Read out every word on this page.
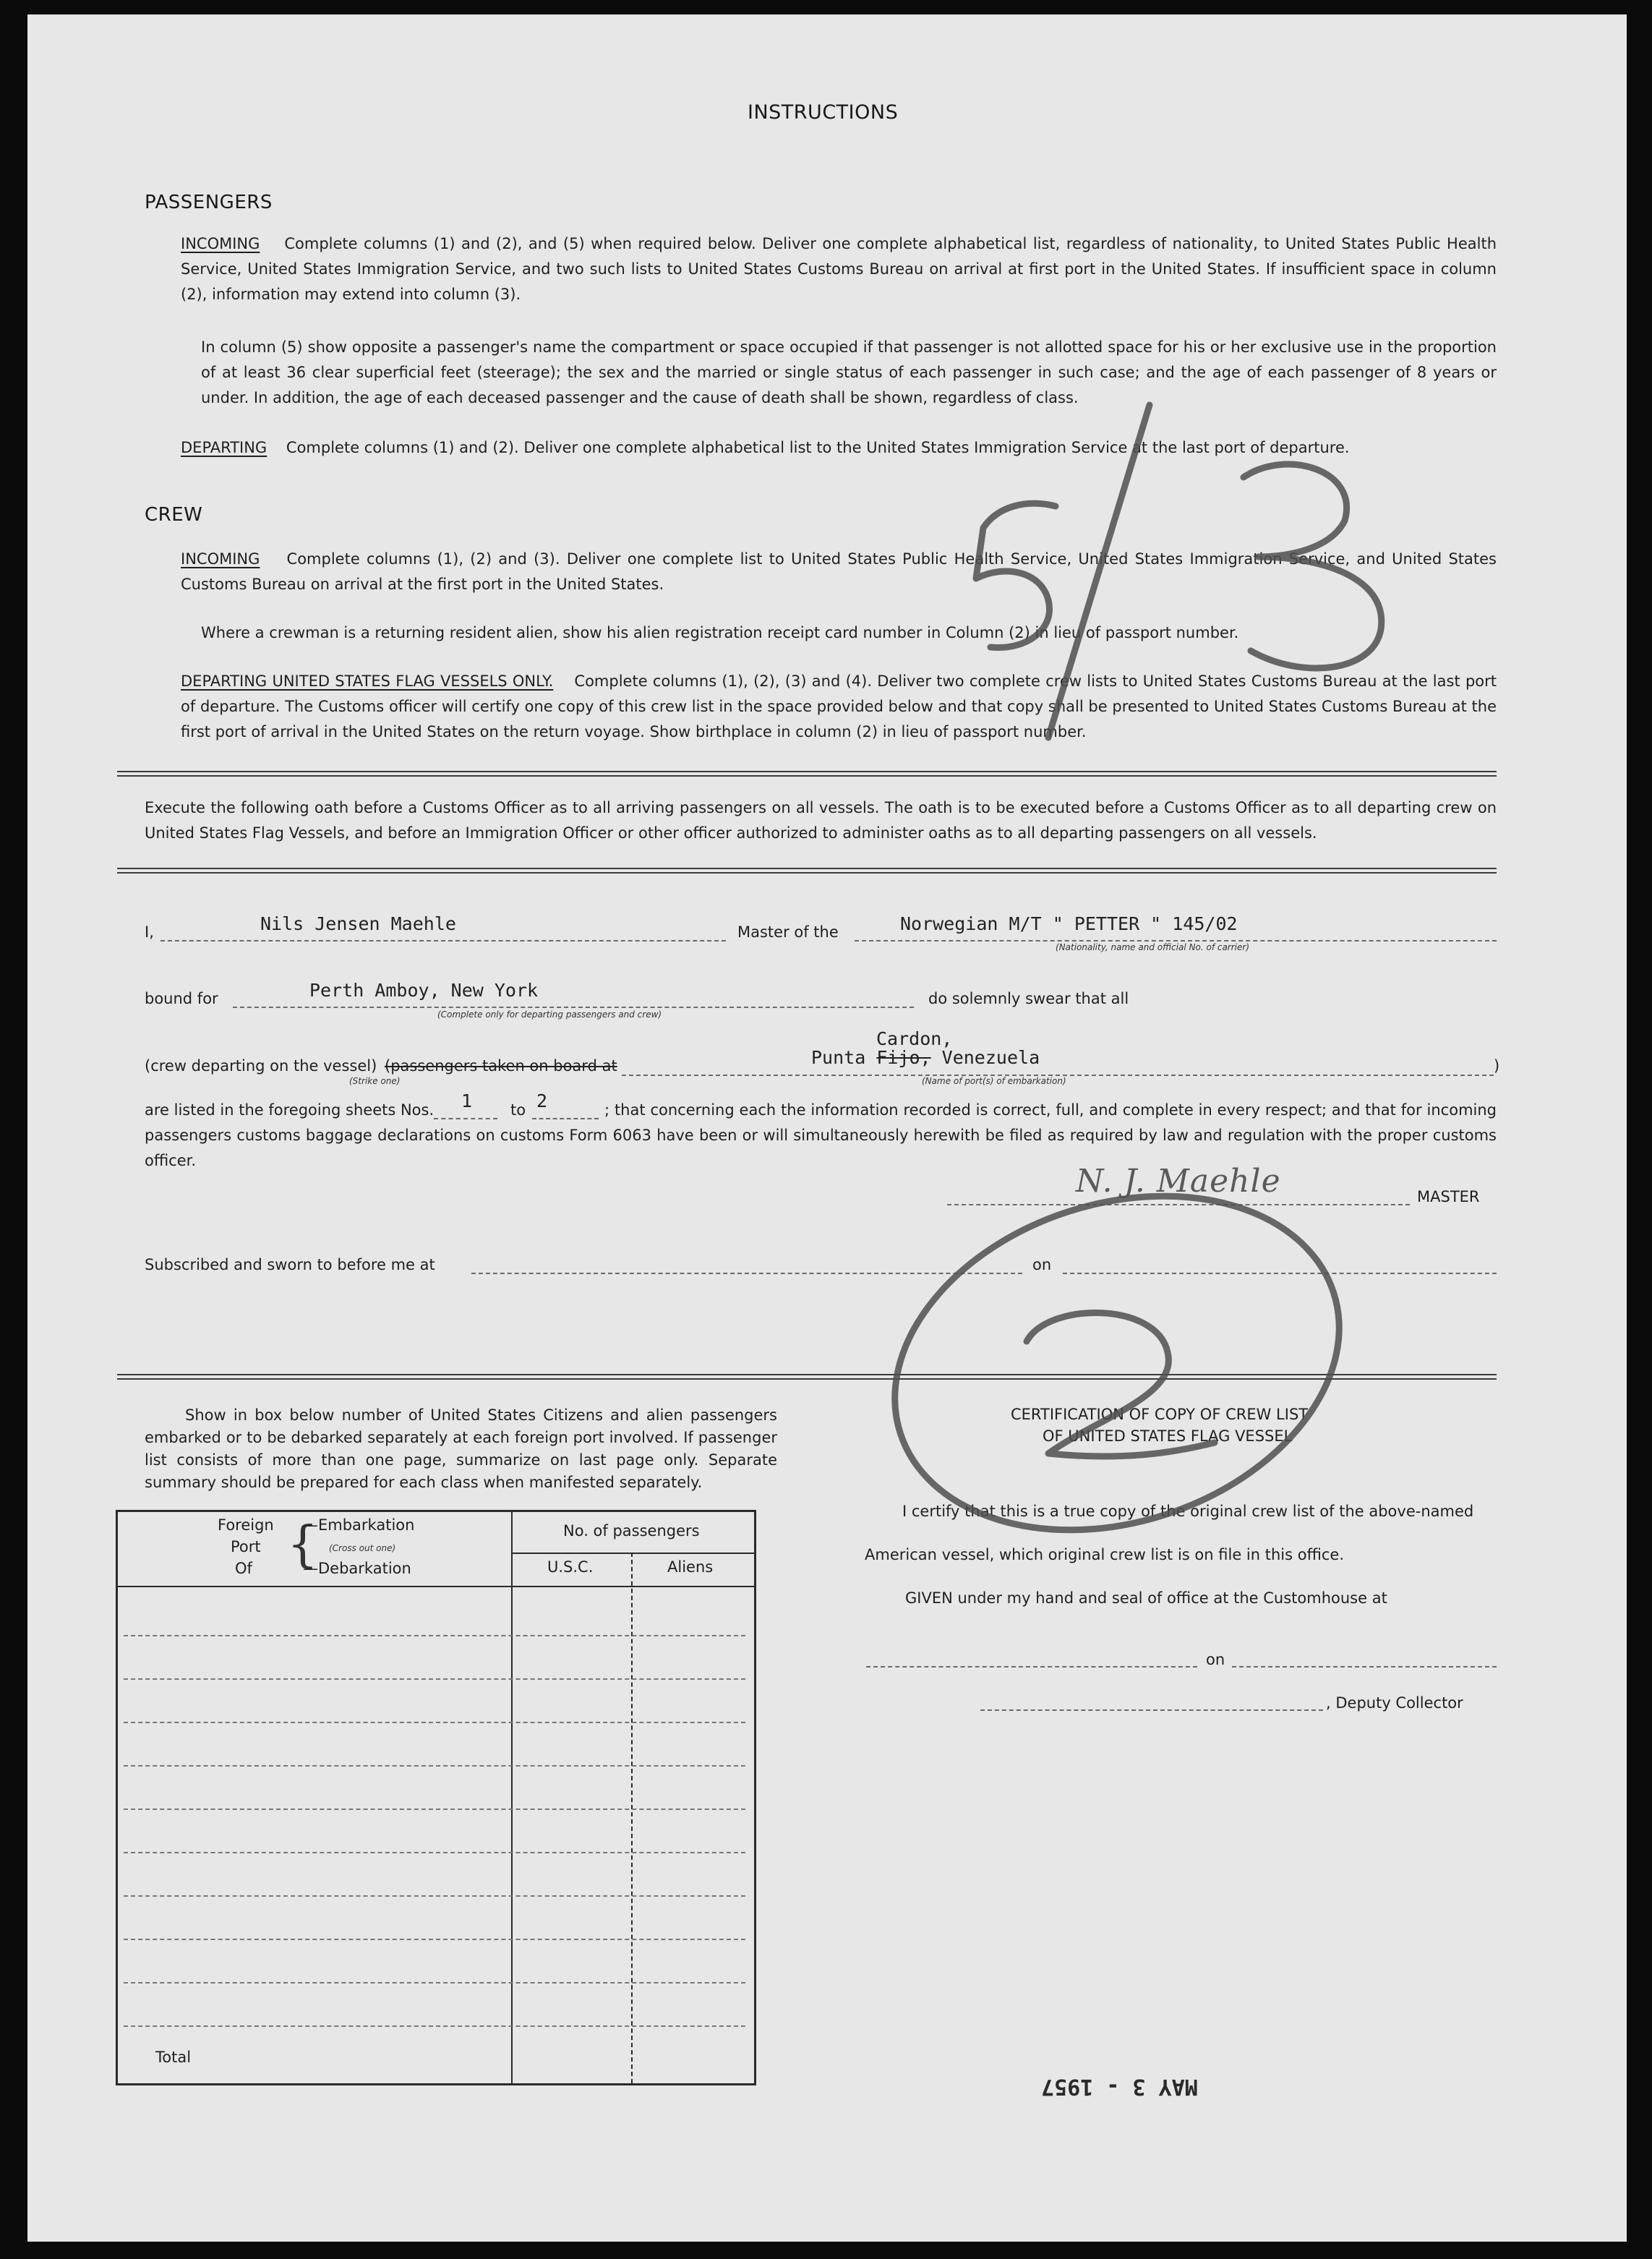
INSTRUCTIONS
PASSENGERS
INCOMING Complete columns (1) and (2), and (5) when required below. Deliver one complete alphabetical list, regardless of nationality, to United States Public Health Service, United States Immigration Service, and two such lists to United States Customs Bureau on arrival at first port in the United States. If insufficient space in column (2), information may extend into column (3).
In column (5) show opposite a passenger's name the compartment or space occupied if that passenger is not allotted space for his or her exclusive use in the proportion of at least 36 clear superficial feet (steerage); the sex and the married or single status of each passenger in such case; and the age of each passenger of 8 years or under. In addition, the age of each deceased passenger and the cause of death shall be shown, regardless of class.
DEPARTING Complete columns (1) and (2). Deliver one complete alphabetical list to the United States Immigration Service at the last port of departure.
CREW
INCOMING Complete columns (1), (2) and (3). Deliver one complete list to United States Public Health Service, United States Immigration Service, and United States Customs Bureau on arrival at the first port in the United States.
Where a crewman is a returning resident alien, show his alien registration receipt card number in Column (2) in lieu of passport number.
DEPARTING UNITED STATES FLAG VESSELS ONLY. Complete columns (1), (2), (3) and (4). Deliver two complete crew lists to United States Customs Bureau at the last port of departure. The Customs officer will certify one copy of this crew list in the space provided below and that copy shall be presented to United States Customs Bureau at the first port of arrival in the United States on the return voyage. Show birthplace in column (2) in lieu of passport number.
Execute the following oath before a Customs Officer as to all arriving passengers on all vessels. The oath is to be executed before a Customs Officer as to all departing crew on United States Flag Vessels, and before an Immigration Officer or other officer authorized to administer oaths as to all departing passengers on all vessels.
I,	Nils Jensen Maehle	Master of the	Norwegian M/T " PETTER " 145/02
(Nationality, name and official No. of carrier)
bound for	Perth Amboy, New York
(Complete only for departing passengers and crew)
do solemnly swear that all
Cardon,
(crew departing on the vessel) (passengers taken on board at	Punta Fijo, Venezuela
(Strike one)	(Name of port(s) of embarkation)
)
are listed in the foregoing sheets Nos. 1	to 2	; that concerning each the information recorded is correct, full, and complete in every respect; and that for incoming passengers customs baggage declarations on customs Form 6063 have been or will simultaneously herewith be filed as required by law and regulation with the proper customs officer.
N. J. Maehle	MASTER
Subscribed and sworn to before me at	on
Show in box below number of United States Citizens and alien passengers embarked or to be debarked separately at each foreign port involved. If passenger list consists of more than one page, summarize on last page only. Separate summary should be prepared for each class when manifested separately.
Foreign
Port
Of {
—Embarkation
(Cross out one)
—Debarkation
No. of passengers
U.S.C.	Aliens
Total
CERTIFICATION OF COPY OF CREW LIST
OF UNITED STATES FLAG VESSEL
I certify that this is a true copy of the original crew list of the above-named
American vessel, which original crew list is on file in this office.
GIVEN under my hand and seal of office at the Customhouse at
on
, Deputy Collector
MAY 3 - 1957
